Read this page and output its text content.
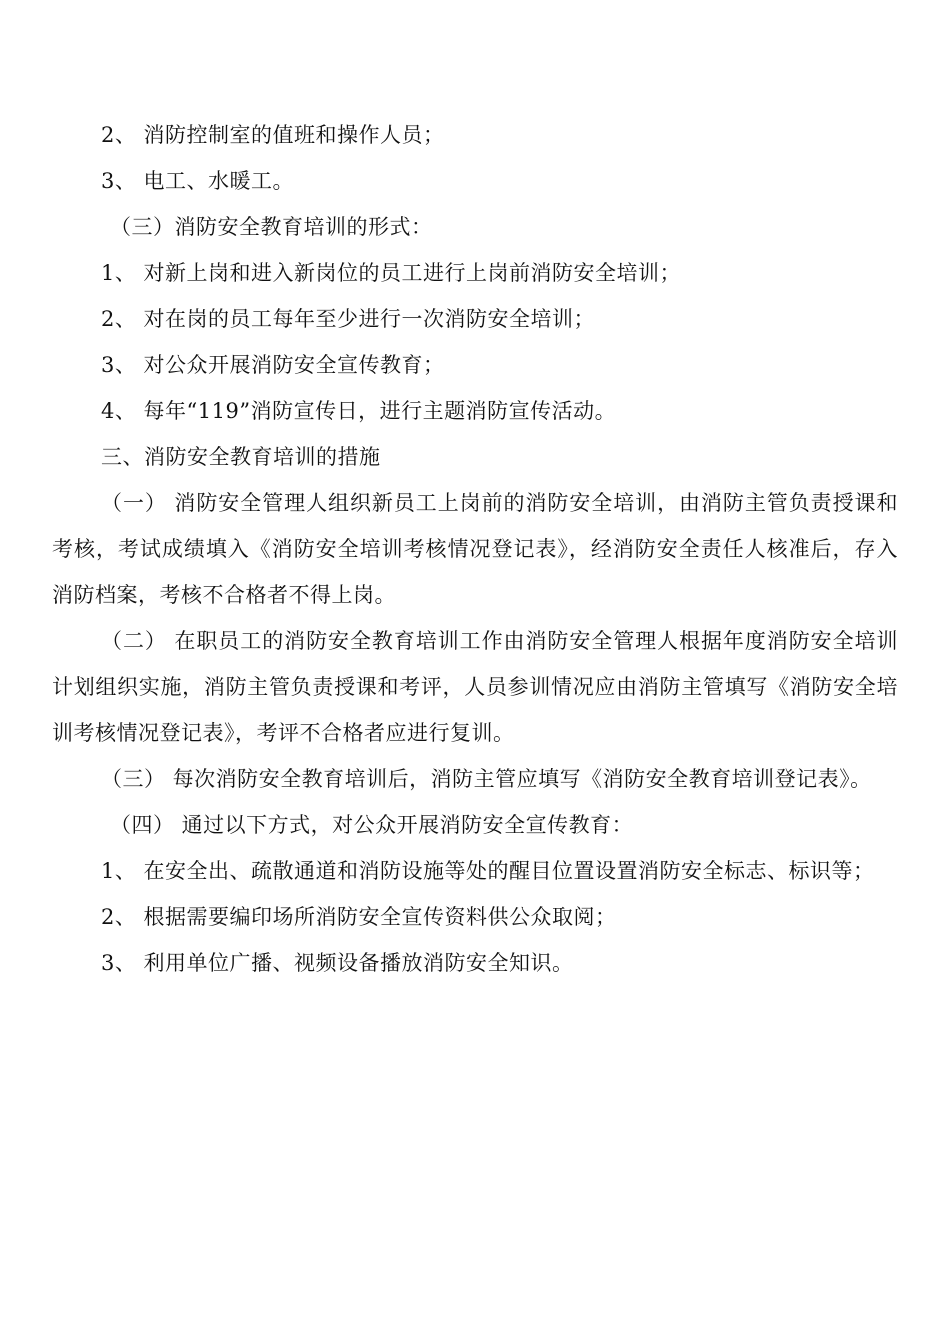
2、 消防控制室的值班和操作人员；

3、 电工、水暖工。

（三）消防安全教育培训的形式：

1、 对新上岗和进入新岗位的员工进行上岗前消防安全培训；

2、 对在岗的员工每年至少进行一次消防安全培训；

3、 对公众开展消防安全宣传教育；

4、 每年“119”消防宣传日，进行主题消防宣传活动。

三、消防安全教育培训的措施

（一） 消防安全管理人组织新员工上岗前的消防安全培训，由消防主管负责授课和考核，考试成绩填入《消防安全培训考核情况登记表》，经消防安全责任人核准后，存入消防档案，考核不合格者不得上岗。

（二） 在职员工的消防安全教育培训工作由消防安全管理人根据年度消防安全培训计划组织实施，消防主管负责授课和考评，人员参训情况应由消防主管填写《消防安全培训考核情况登记表》，考评不合格者应进行复训。

（三） 每次消防安全教育培训后，消防主管应填写《消防安全教育培训登记表》。

（四） 通过以下方式，对公众开展消防安全宣传教育：

1、 在安全出、疏散通道和消防设施等处的醒目位置设置消防安全标志、标识等；

2、 根据需要编印场所消防安全宣传资料供公众取阅；

3、 利用单位广播、视频设备播放消防安全知识。
